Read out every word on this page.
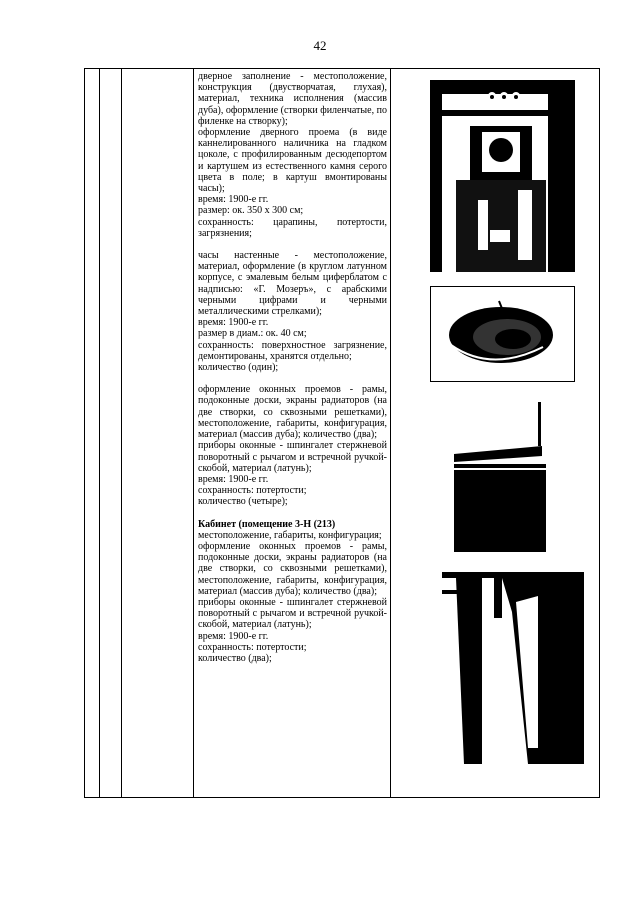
42

дверное заполнение - местоположение, конструкция (двустворчатая, глухая), материал, техника исполнения (массив дуба), оформление (створки филенчатые, по филенке на створку);

оформление дверного проема (в виде каннелированного наличника на гладком цоколе, с профилированным десюдепортом и картушем из естественного камня серого цвета в поле; в картуш вмонтированы часы);

время: 1900-е гг.

размер: ок. 350 х 300 см;

сохранность: царапины, потертости, загрязнения;

часы настенные - местоположение, материал, оформление (в круглом латунном корпусе, с эмалевым белым циферблатом с надписью: «Г. Мозеръ», с арабскими черными цифрами и черными металлическими стрелками);

время: 1900-е гг.

размер в диам.: ок. 40 см;

сохранность: поверхностное загрязнение, демонтированы, хранятся отдельно;

количество (один);

оформление оконных проемов - рамы, подоконные доски, экраны радиаторов (на две створки, со сквозными решетками), местоположение, габариты, конфигурация, материал (массив дуба); количество (два);

приборы оконные - шпингалет стержневой поворотный с рычагом и встречной ручкой-скобой, материал (латунь);

время: 1900-е гг.

сохранность: потертости;

количество (четыре);

Кабинет (помещение 3-Н (213)

местоположение, габариты, конфигурация;

оформление оконных проемов - рамы, подоконные доски, экраны радиаторов (на две створки, со сквозными решетками), местоположение, габариты, конфигурация, материал (массив дуба); количество (два);

приборы оконные - шпингалет стержневой поворотный с рычагом и встречной ручкой-скобой, материал (латунь);

время: 1900-е гг.

сохранность: потертости;

количество (два);
